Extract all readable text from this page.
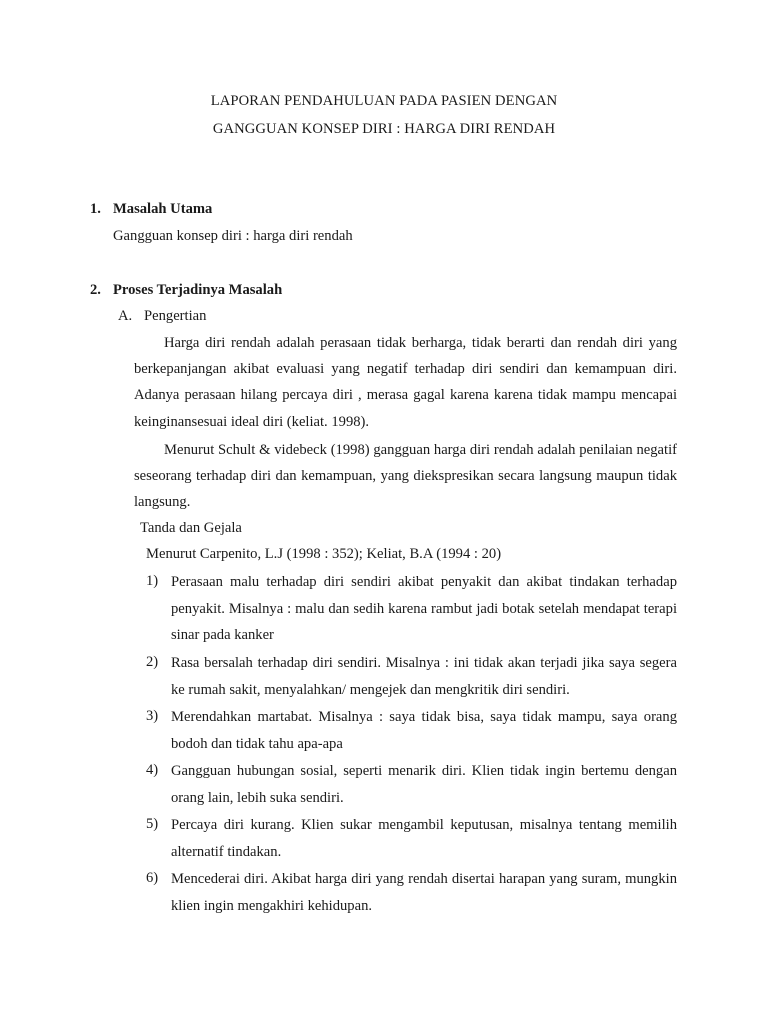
LAPORAN PENDAHULUAN PADA PASIEN DENGAN
GANGGUAN KONSEP DIRI : HARGA DIRI RENDAH
1. Masalah Utama
Gangguan konsep diri : harga diri rendah
2. Proses Terjadinya Masalah
A. Pengertian
Harga diri rendah adalah perasaan tidak berharga, tidak berarti dan rendah diri yang berkepanjangan akibat evaluasi yang negatif terhadap diri sendiri dan kemampuan diri. Adanya perasaan hilang percaya diri , merasa gagal karena karena tidak mampu mencapai keinginansesuai ideal diri (keliat. 1998).
Menurut Schult & videbeck (1998) gangguan harga diri rendah adalah penilaian negatif seseorang terhadap diri dan kemampuan, yang diekspresikan secara langsung maupun tidak langsung.
Tanda dan Gejala
Menurut Carpenito, L.J (1998 : 352); Keliat, B.A (1994 : 20)
1) Perasaan malu terhadap diri sendiri akibat penyakit dan akibat tindakan terhadap penyakit. Misalnya : malu dan sedih karena rambut jadi botak setelah mendapat terapi sinar pada kanker
2) Rasa bersalah terhadap diri sendiri. Misalnya : ini tidak akan terjadi jika saya segera ke rumah sakit, menyalahkan/ mengejek dan mengkritik diri sendiri.
3) Merendahkan martabat. Misalnya : saya tidak bisa, saya tidak mampu, saya orang bodoh dan tidak tahu apa-apa
4) Gangguan hubungan sosial, seperti menarik diri. Klien tidak ingin bertemu dengan orang lain, lebih suka sendiri.
5) Percaya diri kurang. Klien sukar mengambil keputusan, misalnya tentang memilih alternatif tindakan.
6) Mencederai diri. Akibat harga diri yang rendah disertai harapan yang suram, mungkin klien ingin mengakhiri kehidupan.
